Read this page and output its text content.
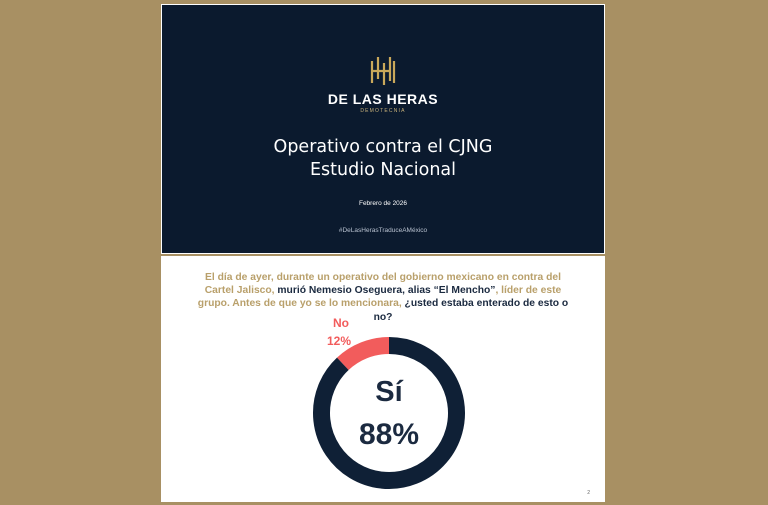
DE LAS HERAS
DEMOTECNIA
Operativo contra el CJNG
Estudio Nacional
Febrero de 2026
#DeLasHerasTraduceAMéxico
El día de ayer, durante un operativo del gobierno mexicano en contra del Cartel Jalisco, murió Nemesio Oseguera, alias “El Mencho”, líder de este grupo. Antes de que yo se lo mencionara, ¿usted estaba enterado de esto o no?
Sí
88%
No
12%
2
